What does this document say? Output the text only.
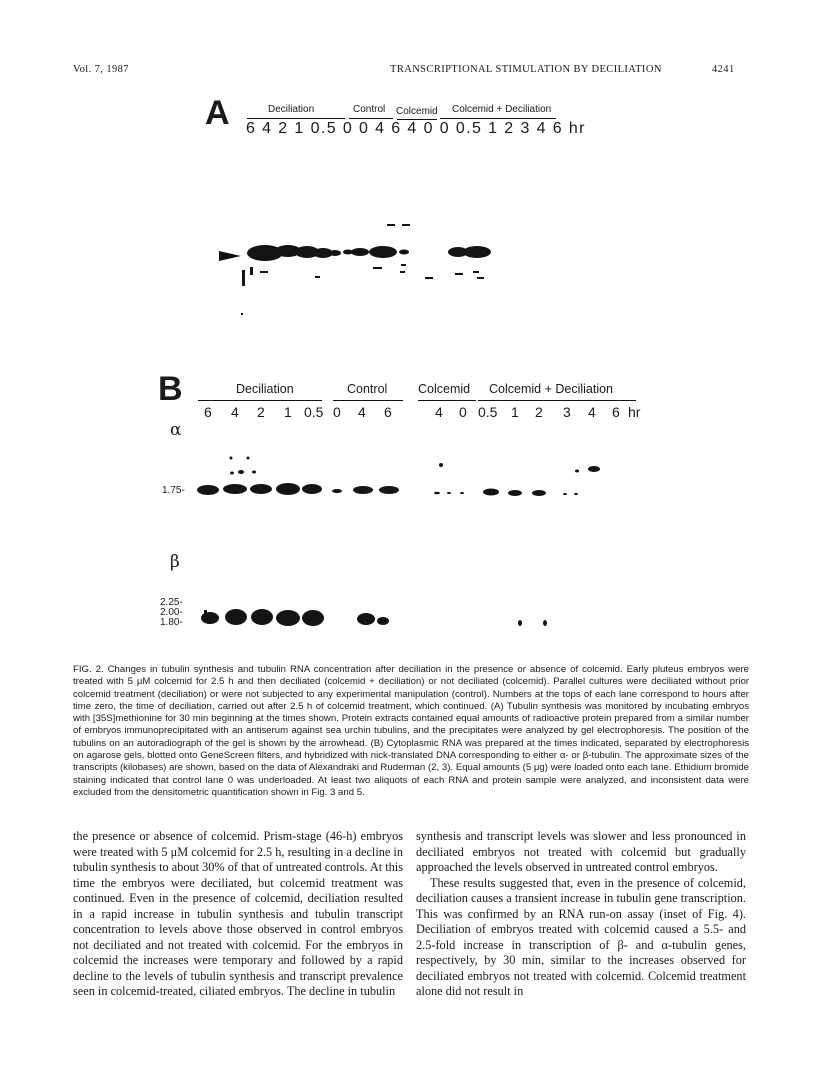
Vol. 7, 1987	TRANSCRIPTIONAL STIMULATION BY DECILIATION	4241
A	Deciliation	Control Colcemid Colcemid + Deciliation
6 4 2 1 0.5 0 0 4 6 4 0 0 0.5 1 2 3 4 6 hr
B	Deciliation	Control Colcemid Colcemid + Deciliation
6 4 2 1 0.5 0 4 6	4 0 0.5 1 2 3 4 6 hr
α
1.75-
β
2.25-
2.00-
1.80-
FIG. 2. Changes in tubulin synthesis and tubulin RNA concentration after deciliation in the presence or absence of colcemid. Early pluteus embryos were treated with 5 μM colcemid for 2.5 h and then deciliated (colcemid + deciliation) or not deciliated (colcemid). Parallel cultures were deciliated without prior colcemid treatment (deciliation) or were not subjected to any experimental manipulation (control). Numbers at the tops of each lane correspond to hours after time zero, the time of deciliation, carried out after 2.5 h of colcemid treatment, which continued. (A) Tubulin synthesis was monitored by incubating embryos with [35S]methionine for 30 min beginning at the times shown. Protein extracts contained equal amounts of radioactive protein prepared from a similar number of embryos immunoprecipitated with an antiserum against sea urchin tubulins, and the precipitates were analyzed by gel electrophoresis. The position of the tubulins on an autoradiograph of the gel is shown by the arrowhead. (B) Cytoplasmic RNA was prepared at the times indicated, separated by electrophoresis on agarose gels, blotted onto GeneScreen filters, and hybridized with nick-translated DNA corresponding to either α- or β-tubulin. The approximate sizes of the transcripts (kilobases) are shown, based on the data of Alexandraki and Ruderman (2, 3). Equal amounts (5 μg) were loaded onto each lane. Ethidium bromide staining indicated that control lane 0 was underloaded. At least two aliquots of each RNA and protein sample were analyzed, and inconsistent data were excluded from the densitometric quantification shown in Fig. 3 and 5.

the presence or absence of colcemid. Prism-stage (46-h) embryos were treated with 5 μM colcemid for 2.5 h, resulting in a decline in tubulin synthesis to about 30% of that of untreated controls. At this time the embryos were deciliated, but colcemid treatment was continued. Even in the presence of colcemid, deciliation resulted in a rapid increase in tubulin synthesis and tubulin transcript concentration to levels above those observed in control embryos not deciliated and not treated with colcemid. For the embryos in colcemid the increases were temporary and followed by a rapid decline to the levels of tubulin synthesis and transcript prevalence seen in colcemid-treated, ciliated embryos. The decline in tubulin

synthesis and transcript levels was slower and less pronounced in deciliated embryos not treated with colcemid but gradually approached the levels observed in untreated control embryos.

These results suggested that, even in the presence of colcemid, deciliation causes a transient increase in tubulin gene transcription. This was confirmed by an RNA run-on assay (inset of Fig. 4). Deciliation of embryos treated with colcemid caused a 5.5- and 2.5-fold increase in transcription of β- and α-tubulin genes, respectively, by 30 min, similar to the increases observed for deciliated embryos not treated with colcemid. Colcemid treatment alone did not result in
